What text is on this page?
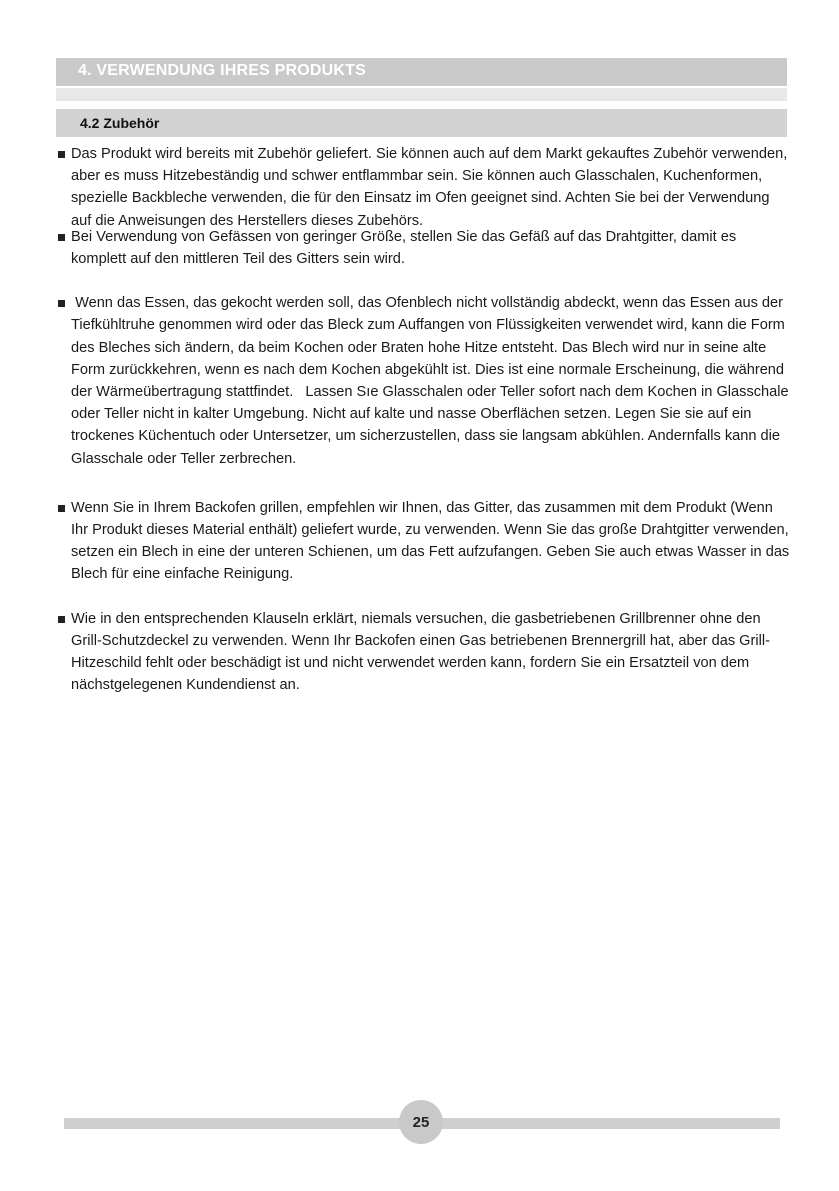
4. VERWENDUNG IHRES PRODUKTS
4.2 Zubehör

Das Produkt wird bereits mit Zubehör geliefert. Sie können auch auf dem Markt gekauftes Zubehör verwenden, aber es muss Hitzebeständig und schwer entflammbar sein. Sie können auch Glasschalen, Kuchenformen, spezielle Backbleche verwenden, die für den Einsatz im Ofen geeignet sind. Achten Sie bei der Verwendung auf die Anweisungen des Herstellers dieses Zubehörs.

Bei Verwendung von Gefässen von geringer Größe, stellen Sie das Gefäß auf das Drahtgitter, damit es komplett auf den mittleren Teil des Gitters sein wird.

Wenn das Essen, das gekocht werden soll, das Ofenblech nicht vollständig abdeckt, wenn das Essen aus der Tiefkühltruhe genommen wird oder das Bleck zum Auffangen von Flüssigkeiten verwendet wird, kann die Form des Bleches sich ändern, da beim Kochen oder Braten hohe Hitze entsteht. Das Blech wird nur in seine alte Form zurückkehren, wenn es nach dem Kochen abgekühlt ist. Dies ist eine normale Erscheinung, die während der Wärmeübertragung stattfindet.   Lassen Sıe Glasschalen oder Teller sofort nach dem Kochen in Glasschale oder Teller nicht in kalter Umgebung. Nicht auf kalte und nasse Oberflächen setzen. Legen Sie sie auf ein trockenes Küchentuch oder Untersetzer, um sicherzustellen, dass sie langsam abkühlen. Andernfalls kann die Glasschale oder Teller zerbrechen.

Wenn Sie in Ihrem Backofen grillen, empfehlen wir Ihnen, das Gitter, das zusammen mit dem Produkt (Wenn Ihr Produkt dieses Material enthält) geliefert wurde, zu verwenden. Wenn Sie das große Drahtgitter verwenden, setzen ein Blech in eine der unteren Schienen, um das Fett aufzufangen. Geben Sie auch etwas Wasser in das Blech für eine einfache Reinigung.

Wie in den entsprechenden Klauseln erklärt, niemals versuchen, die gasbetriebenen Grillbrenner ohne den Grill-Schutzdeckel zu verwenden. Wenn Ihr Backofen einen Gas betriebenen Brennergrill hat, aber das Grill-Hitzeschild fehlt oder beschädigt ist und nicht verwendet werden kann, fordern Sie ein Ersatzteil von dem nächstgelegenen Kundendienst an.

25
